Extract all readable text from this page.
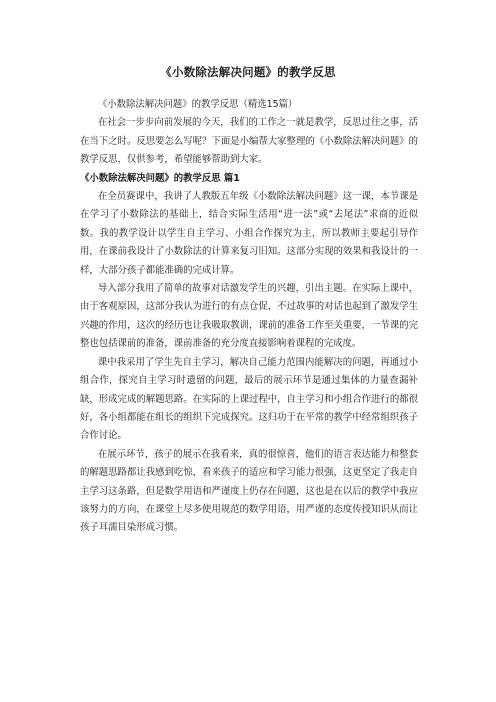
《小数除法解决问题》的教学反思

《小数除法解决问题》的教学反思（精选15篇）

在社会一步步向前发展的今天，我们的工作之一就是教学，反思过往之事，活在当下之时。反思要怎么写呢？下面是小编帮大家整理的《小数除法解决问题》的教学反思，仅供参考，希望能够帮助到大家。

《小数除法解决问题》的教学反思 篇1

在全员赛课中，我讲了人教版五年级《小数除法解决问题》这一课，本节课是在学习了小数除法的基础上，结合实际生活用“进一法”或“去尾法”求商的近似数。我的教学设计以学生自主学习、小组合作探究为主，所以教师主要起引导作用，在课前我设计了小数除法的计算来复习旧知。这部分实现的效果和我设计的一样，大部分孩子都能准确的完成计算。

导入部分我用了简单的故事对话激发学生的兴趣，引出主题。在实际上课中，由于客观原因，这部分我认为进行的有点仓促，不过故事的对话也起到了激发学生兴趣的作用，这次的经历也让我吸取教训，课前的准备工作至关重要，一节课的完整也包括课前的准备，课前准备的充分度直接影响着课程的完成度。

课中我采用了学生先自主学习，解决自己能力范围内能解决的问题，再通过小组合作，探究自主学习时遗留的问题，最后的展示环节是通过集体的力量查漏补缺，形成完成的解题思路。在实际的上课过程中，自主学习和小组合作进行的都很好，各小组都能在组长的组织下完成探究。这归功于在平常的教学中经常组织孩子合作讨论。

在展示环节，孩子的展示在我看来，真的很惊喜，他们的语言表达能力和整套的解题思路都让我感到吃惊，看来孩子的适应和学习能力很强，这更坚定了我走自主学习这条路，但是数学用语和严谨度上仍存在问题，这也是在以后的教学中我应该努力的方向，在课堂上尽多使用规范的数学用语，用严谨的态度传授知识从而让孩子耳濡目染形成习惯。
